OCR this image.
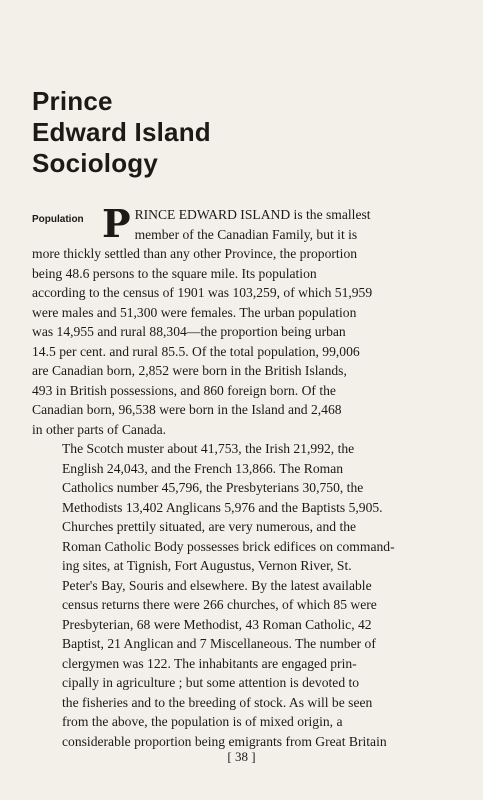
Prince
Edward Island
Sociology
Population P RINCE EDWARD ISLAND is the smallest
member of the Canadian Family, but it is
more thickly settled than any other Province, the proportion
being 48.6 persons to the square mile. Its population
according to the census of 1901 was 103,259, of which 51,959
were males and 51,300 were females. The urban population
was 14,955 and rural 88,304—the proportion being urban
14.5 per cent. and rural 85.5. Of the total population, 99,006
are Canadian born, 2,852 were born in the British Islands,
493 in British possessions, and 860 foreign born. Of the
Canadian born, 96,538 were born in the Island and 2,468
in other parts of Canada.
The Scotch muster about 41,753, the Irish 21,992, the

English 24,043, and the French 13,866. The Roman
Catholics number 45,796, the Presbyterians 30,750, the
Methodists 13,402 Anglicans 5,976 and the Baptists 5,905.
Churches prettily situated, are very numerous, and the
Roman Catholic Body possesses brick edifices on command-
ing sites, at Tignish, Fort Augustus, Vernon River, St.
Peter's Bay, Souris and elsewhere. By the latest available
census returns there were 266 churches, of which 85 were
Presbyterian, 68 were Methodist, 43 Roman Catholic, 42
Baptist, 21 Anglican and 7 Miscellaneous. The number of
clergymen was 122. The inhabitants are engaged prin-
cipally in agriculture ; but some attention is devoted to
the fisheries and to the breeding of stock. As will be seen
from the above, the population is of mixed origin, a
considerable proportion being emigrants from Great Britain
[ 38 ]
